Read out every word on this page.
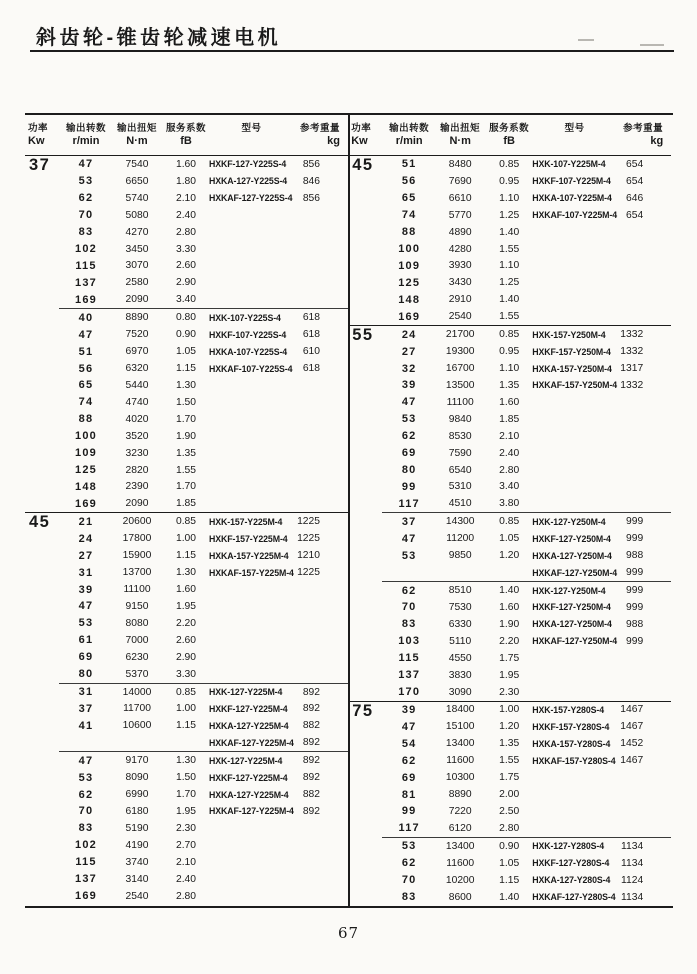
斜齿轮-锥齿轮减速电机
功率
Kw
输出转数
r/min
输出扭矩
N·m
服务系数
fB
型号	参考重量
kg
37	47	7540	1.60	HXKF-127-Y225S-4	856
53	6650	1.80	HXKA-127-Y225S-4	846
62	5740	2.10	HXKAF-127-Y225S-4	856
70	5080	2.40
83	4270	2.80
102	3450	3.30
115	3070	2.60
137	2580	2.90
169	2090	3.40
40	8890	0.80	HXK-107-Y225S-4	618
47	7520	0.90	HXKF-107-Y225S-4	618
51	6970	1.05	HXKA-107-Y225S-4	610
56	6320	1.15	HXKAF-107-Y225S-4	618
65	5440	1.30
74	4740	1.50
88	4020	1.70
100	3520	1.90
109	3230	1.35
125	2820	1.55
148	2390	1.70
169	2090	1.85
45	21	20600	0.85	HXK-157-Y225M-4	1225
24	17800	1.00	HXKF-157-Y225M-4 1225
27	15900	1.15	HXKA-157-Y225M-4 1210
31	13700	1.30	HXKAF-157-Y225M-4 1225
39	11100	1.60
47	9150	1.95
53	8080	2.20
61	7000	2.60
69	6230	2.90
80	5370	3.30
31	14000	0.85	HXK-127-Y225M-4	892
37	11700	1.00	HXKF-127-Y225M-4	892
41	10600	1.15	HXKA-127-Y225M-4	882
HXKAF-127-Y225M-4 892
47	9170	1.30	HXK-127-Y225M-4	892
53	8090	1.50	HXKF-127-Y225M-4	892
62	6990	1.70	HXKA-127-Y225M-4	882
70	6180	1.95	HXKAF-127-Y225M-4 892
83	5190	2.30
102	4190	2.70
115	3740	2.10
137	3140	2.40
169	2540	2.80
功率
Kw
输出转数
r/min
输出扭矩
N·m
服务系数
fB
型号	参考重量
kg
45	51	8480	0.85	HXK-107-Y225M-4	654
56	7690	0.95	HXKF-107-Y225M-4	654
65	6610	1.10	HXKA-107-Y225M-4	646
74	5770	1.25	HXKAF-107-Y225M-4 654
88	4890	1.40
100	4280	1.55
109	3930	1.10
125	3430	1.25
148	2910	1.40
169	2540	1.55
55	24	21700	0.85	HXK-157-Y250M-4	1332
27	19300	0.95	HXKF-157-Y250M-4 1332
32	16700	1.10	HXKA-157-Y250M-4 1317
39	13500	1.35	HXKAF-157-Y250M-4 1332
47	11100	1.60
53	9840	1.85
62	8530	2.10
69	7590	2.40
80	6540	2.80
99	5310	3.40
117	4510	3.80
37	14300	0.85	HXK-127-Y250M-4	999
47	11200	1.05	HXKF-127-Y250M-4	999
53	9850	1.20	HXKA-127-Y250M-4	988
HXKAF-127-Y250M-4 999
62	8510	1.40	HXK-127-Y250M-4	999
70	7530	1.60	HXKF-127-Y250M-4	999
83	6330	1.90	HXKA-127-Y250M-4	988
103	5110	2.20	HXKAF-127-Y250M-4 999
115	4550	1.75
137	3830	1.95
170	3090	2.30
75	39	18400	1.00	HXK-157-Y280S-4	1467
47	15100	1.20	HXKF-157-Y280S-4	1467
54	13400	1.35	HXKA-157-Y280S-4 1452
62	11600	1.55	HXKAF-157-Y280S-4 1467
69	10300	1.75
81	8890	2.00
99	7220	2.50
117	6120	2.80
53	13400	0.90	HXK-127-Y280S-4	1134
62	11600	1.05	HXKF-127-Y280S-4	1134
70	10200	1.15	HXKA-127-Y280S-4	1124
83	8600	1.40	HXKAF-127-Y280S-4 1134
67
